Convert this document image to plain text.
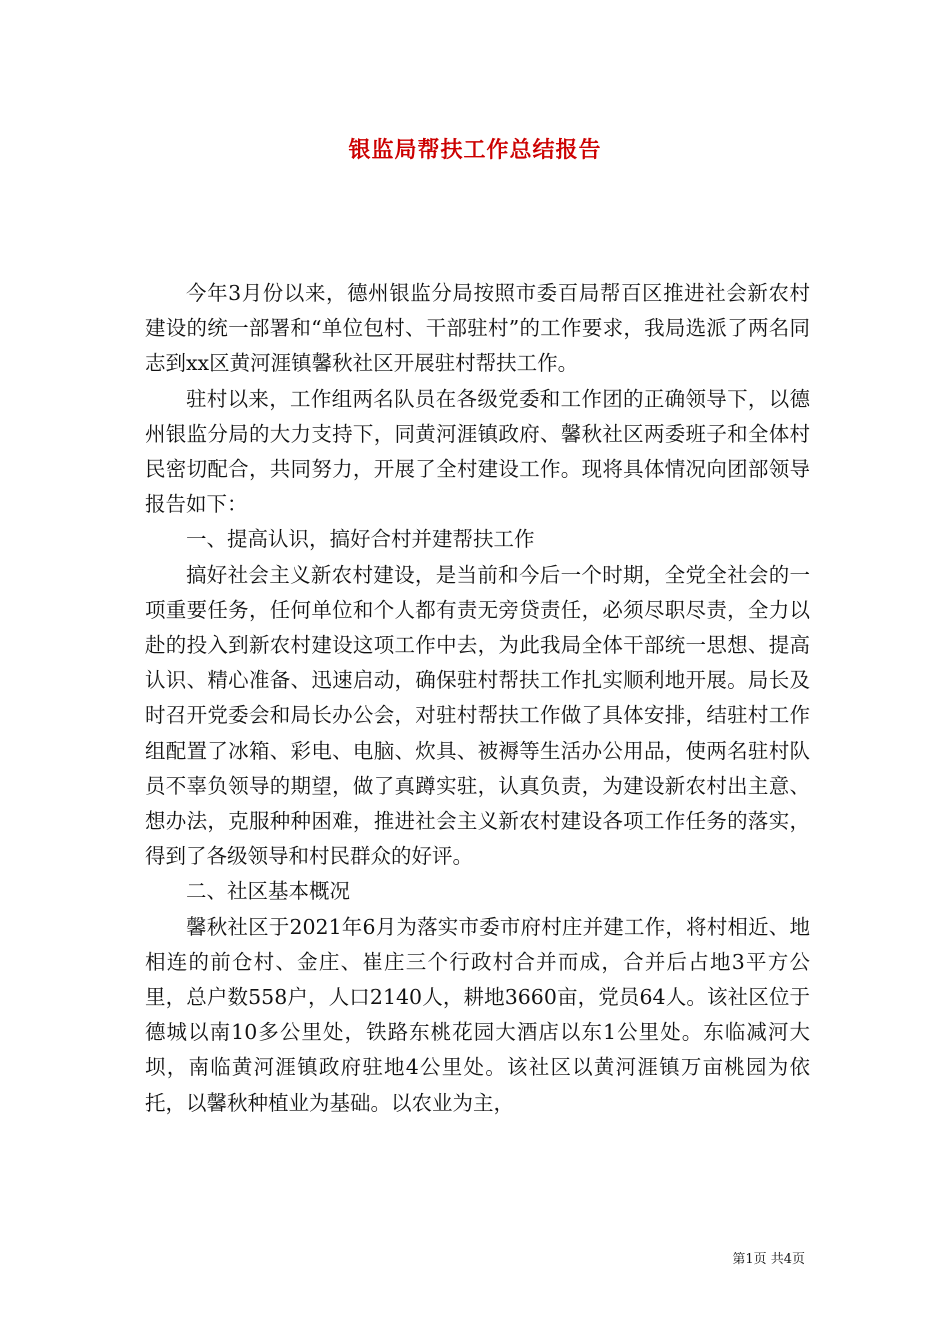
银监局帮扶工作总结报告

今年3月份以来，德州银监分局按照市委百局帮百区推进社会新农村建设的统一部署和“单位包村、干部驻村”的工作要求，我局选派了两名同志到xx区黄河涯镇馨秋社区开展驻村帮扶工作。

驻村以来，工作组两名队员在各级党委和工作团的正确领导下，以德州银监分局的大力支持下，同黄河涯镇政府、馨秋社区两委班子和全体村民密切配合，共同努力，开展了全村建设工作。现将具体情况向团部领导报告如下：

一、提高认识，搞好合村并建帮扶工作

搞好社会主义新农村建设，是当前和今后一个时期，全党全社会的一项重要任务，任何单位和个人都有责无旁贷责任，必须尽职尽责，全力以赴的投入到新农村建设这项工作中去，为此我局全体干部统一思想、提高认识、精心准备、迅速启动，确保驻村帮扶工作扎实顺利地开展。局长及时召开党委会和局长办公会，对驻村帮扶工作做了具体安排，结驻村工作组配置了冰箱、彩电、电脑、炊具、被褥等生活办公用品，使两名驻村队员不辜负领导的期望，做了真蹲实驻，认真负责，为建设新农村出主意、想办法，克服种种困难，推进社会主义新农村建设各项工作任务的落实，得到了各级领导和村民群众的好评。

二、社区基本概况

馨秋社区于2021年6月为落实市委市府村庄并建工作，将村相近、地相连的前仓村、金庄、崔庄三个行政村合并而成，合并后占地3平方公里，总户数558户，人口2140人，耕地3660亩，党员64人。该社区位于德城以南10多公里处，铁路东桃花园大酒店以东1公里处。东临减河大坝，南临黄河涯镇政府驻地4公里处。该社区以黄河涯镇万亩桃园为依托，以馨秋种植业为基础。以农业为主，

第1页 共4页
